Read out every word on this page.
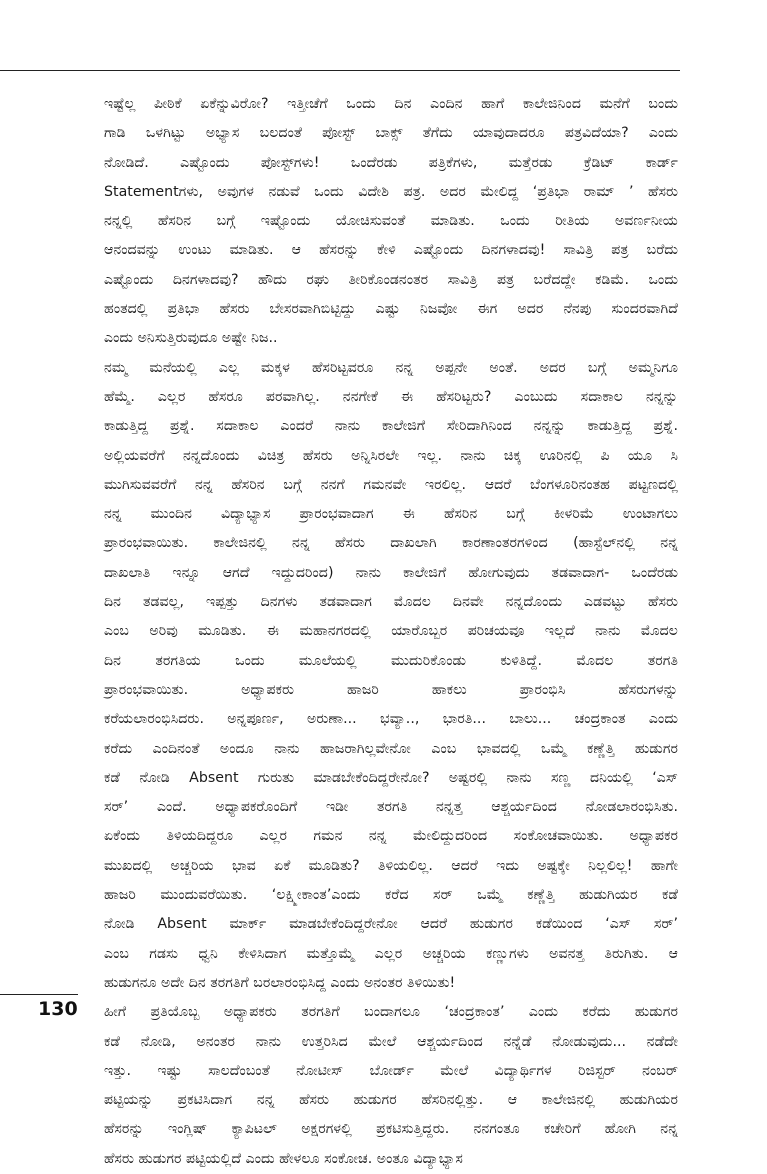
ಇಷ್ಟೆಲ್ಲ ಪೀಠಿಕೆ ಏಕೆನ್ನುವಿರೋ? ಇತ್ತೀಚೆಗೆ ಒಂದು ದಿನ ಎಂದಿನ ಹಾಗೆ ಕಾಲೇಜಿನಿಂದ ಮನೆಗೆ ಬಂದು
ಗಾಡಿ ಒಳಗಿಟ್ಟು ಅಭ್ಯಾಸ ಬಲದಂತೆ ಪೋಸ್ಟ್ ಬಾಕ್ಸ್ ತೆಗೆದು ಯಾವುದಾದರೂ ಪತ್ರವಿದೆಯಾ? ಎಂದು
ನೋಡಿದೆ. ಎಷ್ಟೊಂದು ಪೋಸ್ಟ್‌ಗಳು! ಒಂದೆರಡು ಪತ್ರಿಕೆಗಳು, ಮತ್ತೆರಡು ಕ್ರೆಡಿಟ್ ಕಾರ್ಡ್
Statementಗಳು, ಅವುಗಳ ನಡುವೆ ಒಂದು ವಿದೇಶಿ ಪತ್ರ. ಅದರ ಮೇಲಿದ್ದ ‘ಪ್ರತಿಭಾ ರಾಮ್ ’ ಹೆಸರು
ನನ್ನಲ್ಲಿ ಹೆಸರಿನ ಬಗ್ಗೆ ಇಷ್ಟೊಂದು ಯೋಚಿಸುವಂತೆ ಮಾಡಿತು. ಒಂದು ರೀತಿಯ ಅವರ್ಣನೀಯ
ಆನಂದವನ್ನು ಉಂಟು ಮಾಡಿತು. ಆ ಹೆಸರನ್ನು ಕೇಳಿ ಎಷ್ಟೊಂದು ದಿನಗಳಾದವು! ಸಾವಿತ್ರಿ ಪತ್ರ ಬರೆದು
ಎಷ್ಟೊಂದು ದಿನಗಳಾದವು? ಹೌದು ರಘು ತೀರಿಕೊಂಡನಂತರ ಸಾವಿತ್ರಿ ಪತ್ರ ಬರೆದದ್ದೇ ಕಡಿಮೆ. ಒಂದು
ಹಂತದಲ್ಲಿ ಪ್ರತಿಭಾ ಹೆಸರು ಬೇಸರವಾಗಿಬಿಟ್ಟಿದ್ದು ಎಷ್ಟು ನಿಜವೋ ಈಗ ಅದರ ನೆನಪು ಸುಂದರವಾಗಿದೆ
ಎಂದು ಅನಿಸುತ್ತಿರುವುದೂ ಅಷ್ಟೇ ನಿಜ..

ನಮ್ಮ ಮನೆಯಲ್ಲಿ ಎಲ್ಲ ಮಕ್ಕಳ ಹೆಸರಿಟ್ಟವರೂ ನನ್ನ ಅಪ್ಪನೇ ಅಂತೆ. ಅದರ ಬಗ್ಗೆ ಅಮ್ಮನಿಗೂ
ಹೆಮ್ಮೆ. ಎಲ್ಲರ ಹೆಸರೂ ಪರವಾಗಿಲ್ಲ. ನನಗೇಕೆ ಈ ಹೆಸರಿಟ್ಟರು? ಎಂಬುದು ಸದಾಕಾಲ ನನ್ನನ್ನು
ಕಾಡುತ್ತಿದ್ದ ಪ್ರಶ್ನೆ. ಸದಾಕಾಲ ಎಂದರೆ ನಾನು ಕಾಲೇಜಿಗೆ ಸೇರಿದಾಗಿನಿಂದ ನನ್ನನ್ನು ಕಾಡುತ್ತಿದ್ದ ಪ್ರಶ್ನೆ.
ಅಲ್ಲಿಯವರೆಗೆ ನನ್ನದೊಂದು ವಿಚಿತ್ರ ಹೆಸರು ಅನ್ನಿಸಿರಲೇ ಇಲ್ಲ. ನಾನು ಚಿಕ್ಕ ಊರಿನಲ್ಲಿ ಪಿ ಯೂ ಸಿ
ಮುಗಿಸುವವರೆಗೆ ನನ್ನ ಹೆಸರಿನ ಬಗ್ಗೆ ನನಗೆ ಗಮನವೇ ಇರಲಿಲ್ಲ. ಆದರೆ ಬೆಂಗಳೂರಿನಂತಹ ಪಟ್ಟಣದಲ್ಲಿ
ನನ್ನ ಮುಂದಿನ ವಿದ್ಯಾಭ್ಯಾಸ ಪ್ರಾರಂಭವಾದಾಗ ಈ ಹೆಸರಿನ ಬಗ್ಗೆ ಕೀಳರಿಮೆ ಉಂಟಾಗಲು
ಪ್ರಾರಂಭವಾಯಿತು. ಕಾಲೇಜಿನಲ್ಲಿ ನನ್ನ ಹೆಸರು ದಾಖಲಾಗಿ ಕಾರಣಾಂತರಗಳಿಂದ (ಹಾಸ್ಟೆಲ್‌ನಲ್ಲಿ ನನ್ನ
ದಾಖಲಾತಿ ಇನ್ನೂ ಆಗದೆ ಇದ್ದುದರಿಂದ) ನಾನು ಕಾಲೇಜಿಗೆ ಹೋಗುವುದು ತಡವಾದಾಗ- ಒಂದೆರಡು
ದಿನ ತಡವಲ್ಲ, ಇಪ್ಪತ್ತು ದಿನಗಳು ತಡವಾದಾಗ ಮೊದಲ ದಿನವೇ ನನ್ನದೊಂದು ಎಡವಟ್ಟು ಹೆಸರು
ಎಂಬ ಅರಿವು ಮೂಡಿತು. ಈ ಮಹಾನಗರದಲ್ಲಿ ಯಾರೊಬ್ಬರ ಪರಿಚಯವೂ ಇಲ್ಲದೆ ನಾನು ಮೊದಲ
ದಿನ ತರಗತಿಯ ಒಂದು ಮೂಲೆಯಲ್ಲಿ ಮುದುರಿಕೊಂಡು ಕುಳಿತಿದ್ದೆ. ಮೊದಲ ತರಗತಿ
ಪ್ರಾರಂಭವಾಯಿತು. ಅಧ್ಯಾಪಕರು ಹಾಜರಿ ಹಾಕಲು ಪ್ರಾರಂಭಿಸಿ ಹೆಸರುಗಳನ್ನು
ಕರೆಯಲಾರಂಭಿಸಿದರು. ಅನ್ನಪೂರ್ಣ, ಅರುಣಾ... ಭವ್ಯಾ.., ಭಾರತಿ... ಬಾಲು... ಚಂದ್ರಕಾಂತ ಎಂದು
ಕರೆದು ಎಂದಿನಂತೆ ಅಂದೂ ನಾನು ಹಾಜರಾಗಿಲ್ಲವೇನೋ ಎಂಬ ಭಾವದಲ್ಲಿ ಒಮ್ಮೆ ಕಣ್ಣೆತ್ತಿ ಹುಡುಗರ
ಕಡೆ ನೋಡಿ Absent ಗುರುತು ಮಾಡಬೇಕೆಂದಿದ್ದರೇನೋ? ಅಷ್ಟರಲ್ಲಿ ನಾನು ಸಣ್ಣ ದನಿಯಲ್ಲಿ ‘ಎಸ್
ಸರ್’ ಎಂದೆ. ಅಧ್ಯಾಪಕರೊಂದಿಗೆ ಇಡೀ ತರಗತಿ ನನ್ನತ್ತ ಆಶ್ಚರ್ಯದಿಂದ ನೋಡಲಾರಂಭಿಸಿತು.
ಏಕೆಂದು ತಿಳಿಯದಿದ್ದರೂ ಎಲ್ಲರ ಗಮನ ನನ್ನ ಮೇಲಿದ್ದುದರಿಂದ ಸಂಕೋಚವಾಯಿತು. ಅಧ್ಯಾಪಕರ
ಮುಖದಲ್ಲಿ ಅಚ್ಚರಿಯ ಭಾವ ಏಕೆ ಮೂಡಿತು? ತಿಳಿಯಲಿಲ್ಲ. ಆದರೆ ಇದು ಅಷ್ಟಕ್ಕೇ ನಿಲ್ಲಲಿಲ್ಲ! ಹಾಗೇ
ಹಾಜರಿ ಮುಂದುವರೆಯಿತು. ‘ಲಕ್ಷ್ಮೀಕಾಂತ’ಎಂದು ಕರೆದ ಸರ್ ಒಮ್ಮೆ ಕಣ್ಣೆತ್ತಿ ಹುಡುಗಿಯರ ಕಡೆ
ನೋಡಿ Absent ಮಾರ್ಕ್ ಮಾಡಬೇಕೆಂದಿದ್ದರೇನೋ ಆದರೆ ಹುಡುಗರ ಕಡೆಯಿಂದ ‘ಎಸ್ ಸರ್’
ಎಂಬ ಗಡಸು ಧ್ವನಿ ಕೇಳಿಸಿದಾಗ ಮತ್ತೊಮ್ಮೆ ಎಲ್ಲರ ಅಚ್ಚರಿಯ ಕಣ್ಣುಗಳು ಅವನತ್ತ ತಿರುಗಿತು. ಆ
ಹುಡುಗನೂ ಅದೇ ದಿನ ತರಗತಿಗೆ ಬರಲಾರಂಭಿಸಿದ್ದ ಎಂದು ಅನಂತರ ತಿಳಿಯಿತು!

ಹೀಗೆ ಪ್ರತಿಯೊಬ್ಬ ಅಧ್ಯಾಪಕರು ತರಗತಿಗೆ ಬಂದಾಗಲೂ ‘ಚಂದ್ರಕಾಂತ’ ಎಂದು ಕರೆದು ಹುಡುಗರ
ಕಡೆ ನೋಡಿ, ಅನಂತರ ನಾನು ಉತ್ತರಿಸಿದ ಮೇಲೆ ಆಶ್ಚರ್ಯದಿಂದ ನನ್ನೆಡೆ ನೋಡುವುದು... ನಡೆದೇ
ಇತ್ತು. ಇಷ್ಟು ಸಾಲದೆಂಬಂತೆ ನೋಟೀಸ್ ಬೋರ್ಡ್ ಮೇಲೆ ವಿದ್ಯಾರ್ಥಿಗಳ ರಿಜಿಸ್ಟರ್ ನಂಬರ್
ಪಟ್ಟಿಯನ್ನು ಪ್ರಕಟಿಸಿದಾಗ ನನ್ನ ಹೆಸರು ಹುಡುಗರ ಹೆಸರಿನಲ್ಲಿತ್ತು. ಆ ಕಾಲೇಜಿನಲ್ಲಿ ಹುಡುಗಿಯರ
ಹೆಸರನ್ನು ಇಂಗ್ಲಿಷ್ ಕ್ಯಾಪಿಟಲ್ ಅಕ್ಷರಗಳಲ್ಲಿ ಪ್ರಕಟಿಸುತ್ತಿದ್ದರು. ನನಗಂತೂ ಕಚೇರಿಗೆ ಹೋಗಿ ನನ್ನ
ಹೆಸರು ಹುಡುಗರ ಪಟ್ಟಿಯಲ್ಲಿದೆ ಎಂದು ಹೇಳಲೂ ಸಂಕೋಚ. ಅಂತೂ ವಿದ್ಯಾಭ್ಯಾಸ

130
